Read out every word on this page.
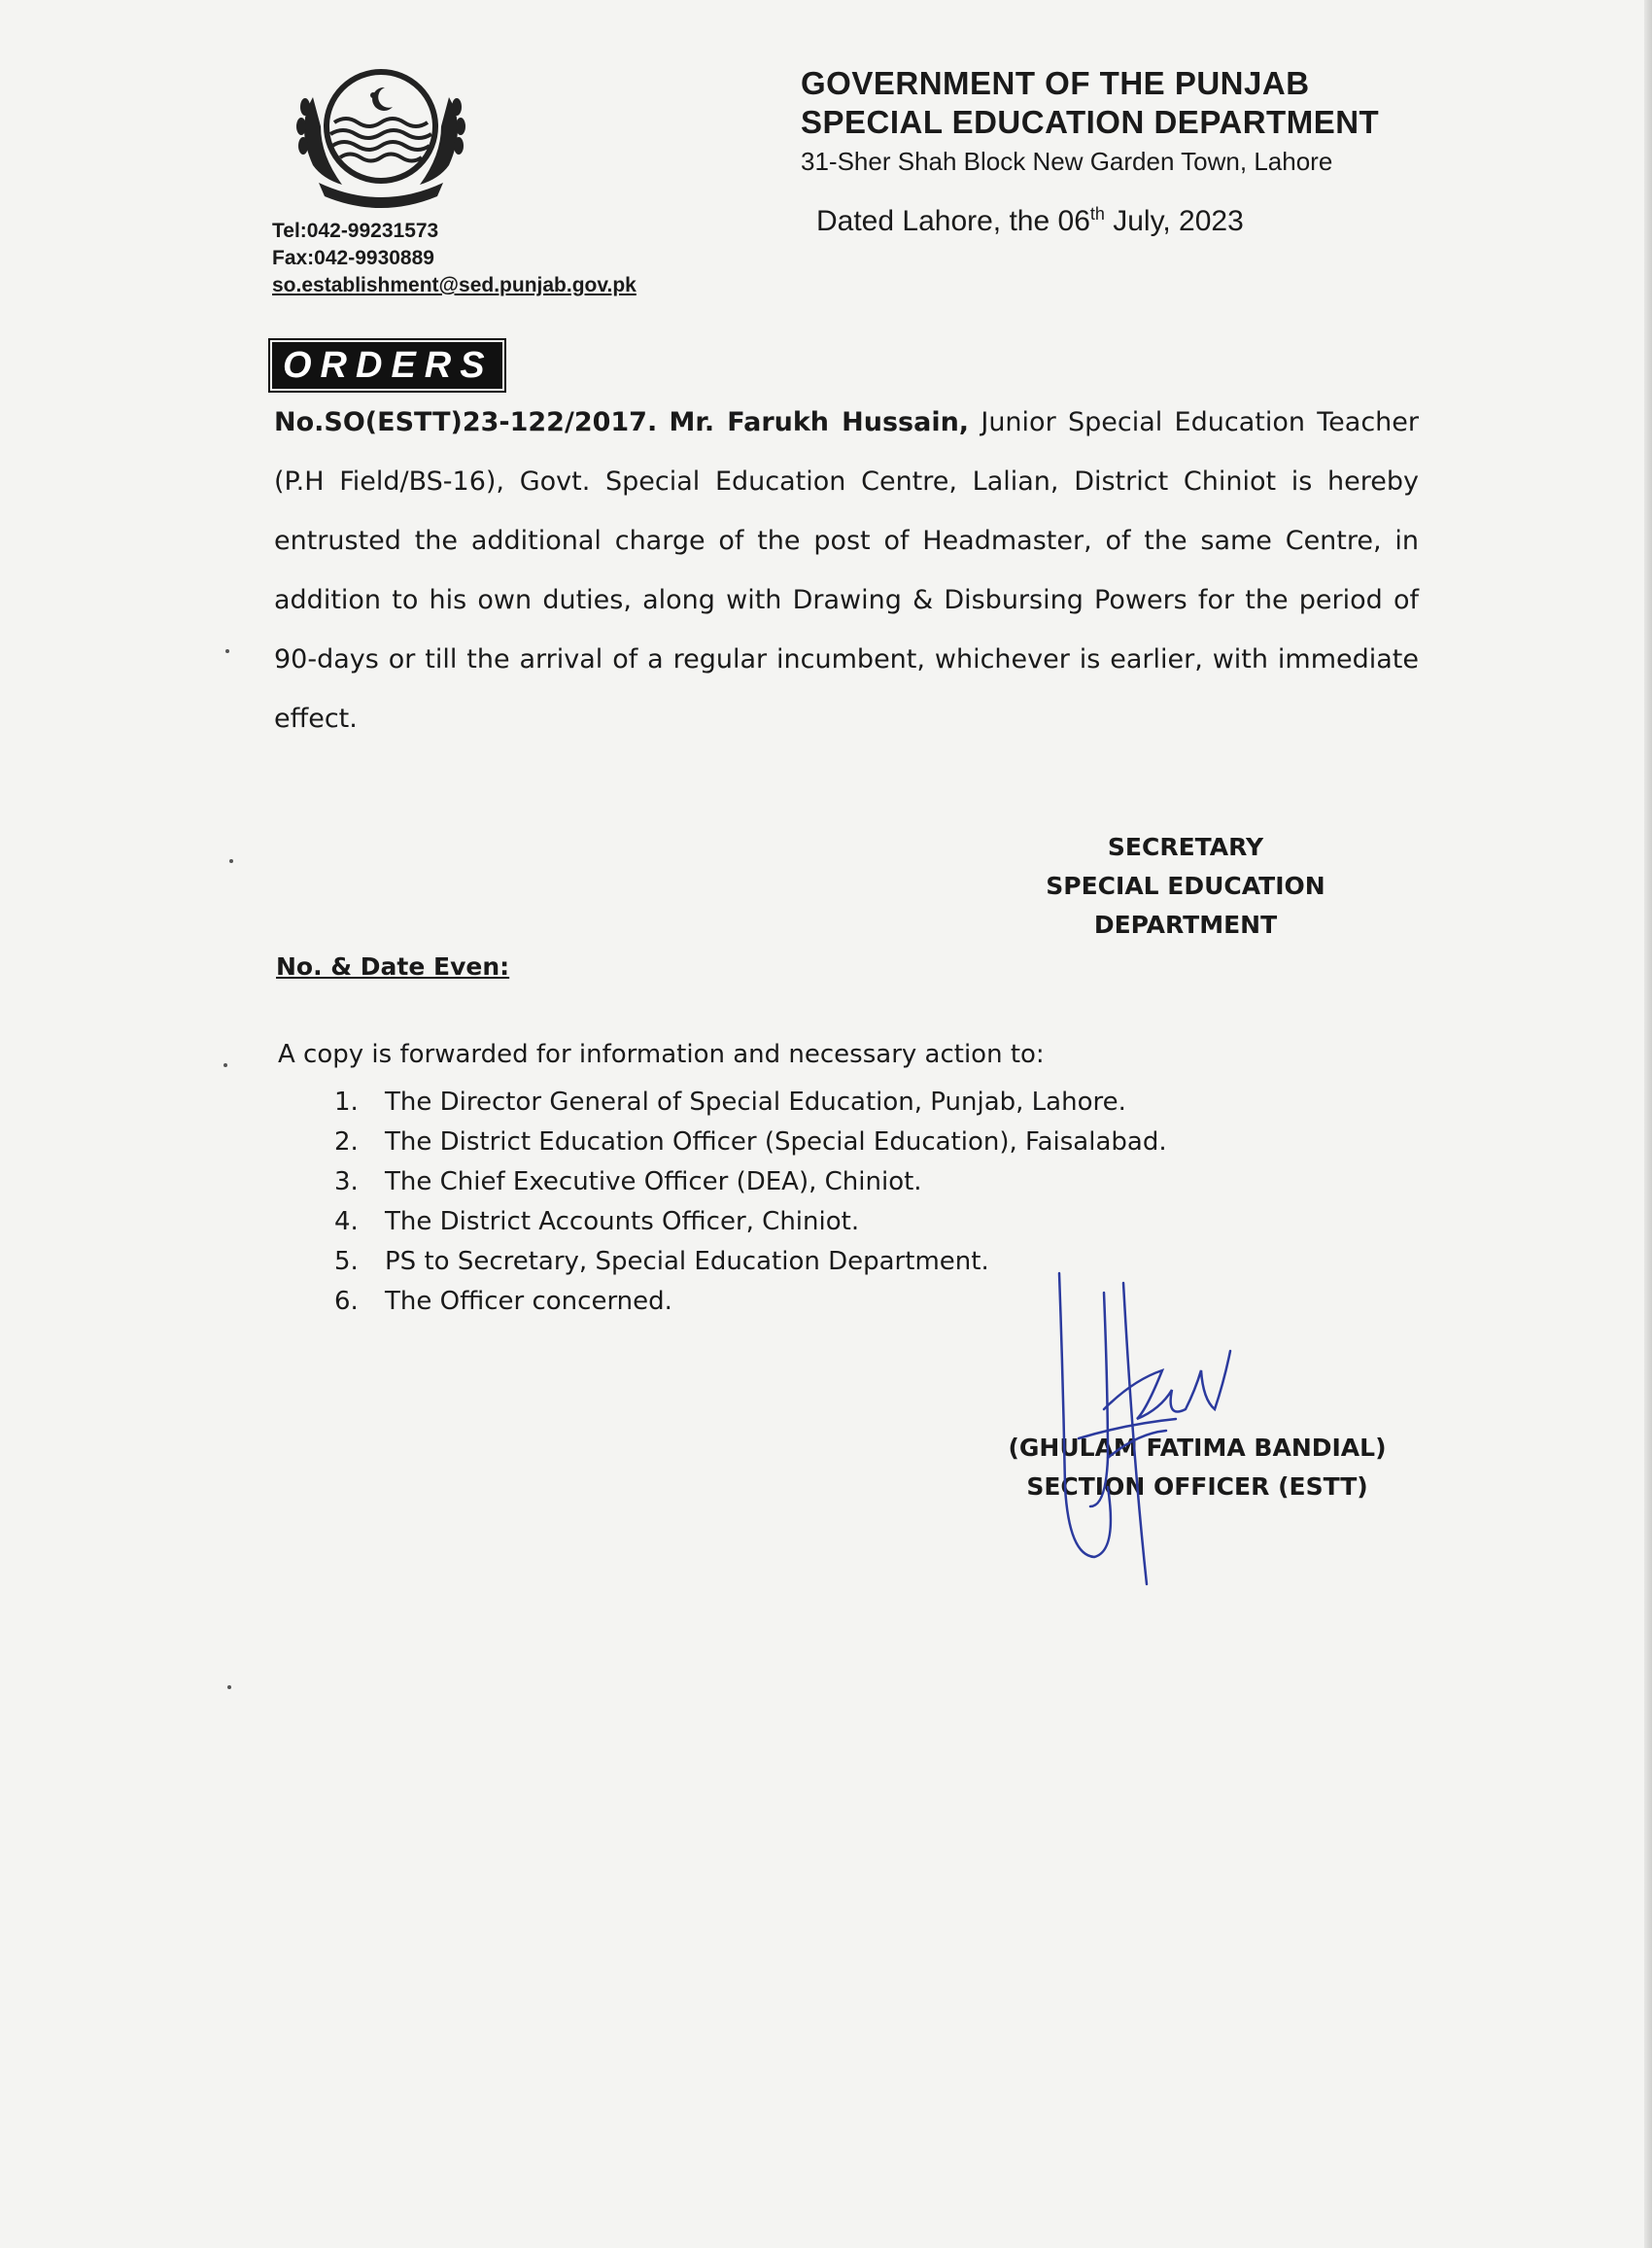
GOVERNMENT OF THE PUNJAB
SPECIAL EDUCATION DEPARTMENT
31-Sher Shah Block New Garden Town, Lahore
Tel:042-99231573
Fax:042-9930889
so.establishment@sed.punjab.gov.pk
Dated Lahore, the 06th July, 2023
ORDERS
No.SO(ESTT)23-122/2017. Mr. Farukh Hussain, Junior Special Education Teacher (P.H Field/BS-16), Govt. Special Education Centre, Lalian, District Chiniot is hereby entrusted the additional charge of the post of Headmaster, of the same Centre, in addition to his own duties, along with Drawing & Disbursing Powers for the period of 90-days or till the arrival of a regular incumbent, whichever is earlier, with immediate effect.
SECRETARY
SPECIAL EDUCATION
DEPARTMENT
No. & Date Even:
A copy is forwarded for information and necessary action to:
1.	The Director General of Special Education, Punjab, Lahore.
2.	The District Education Officer (Special Education), Faisalabad.
3.	The Chief Executive Officer (DEA), Chiniot.
4.	The District Accounts Officer, Chiniot.
5.	PS to Secretary, Special Education Department.
6.	The Officer concerned.
(GHULAM FATIMA BANDIAL)
SECTION OFFICER (ESTT)
